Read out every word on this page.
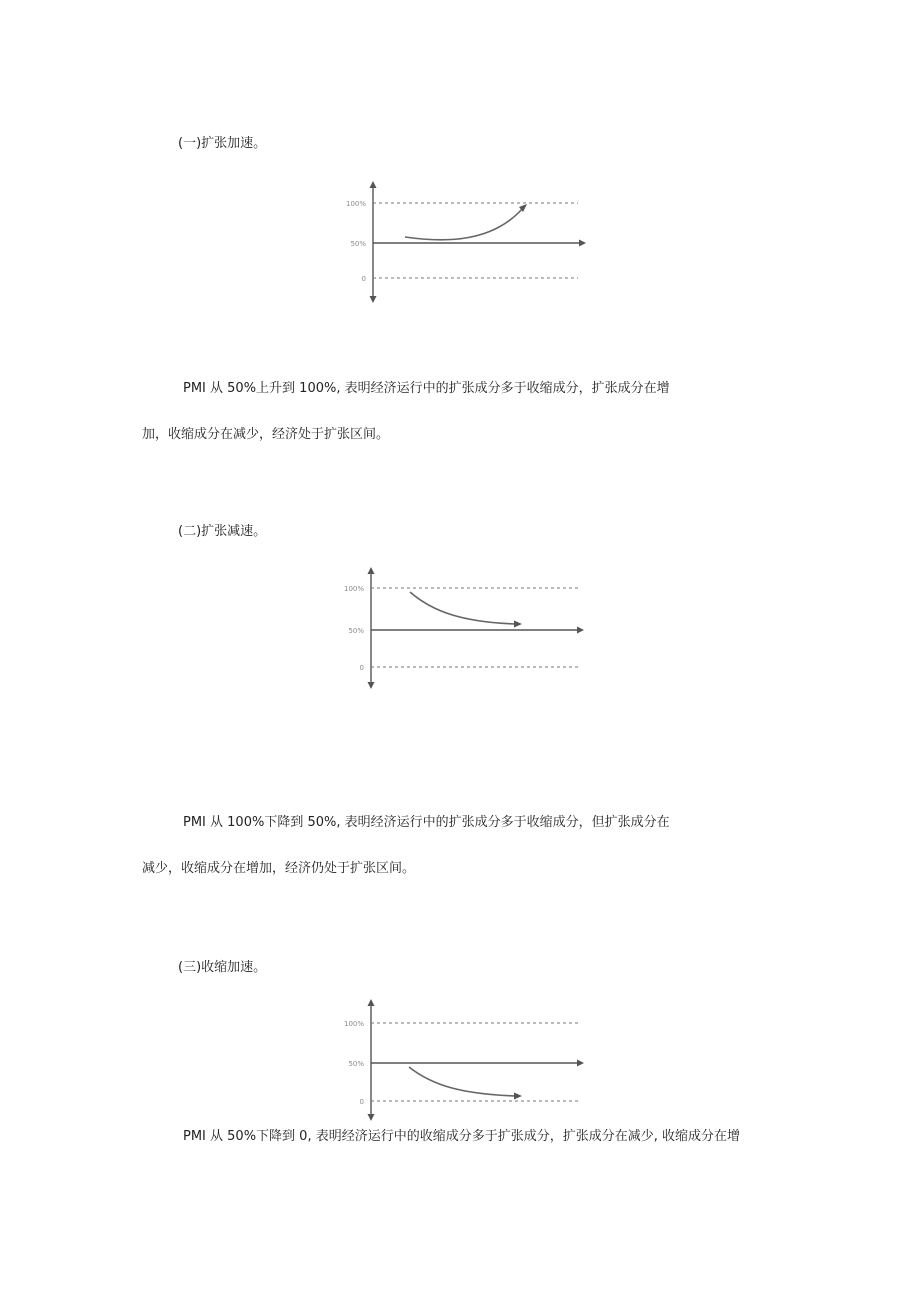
(一)扩张加速。
100%
50%
0
PMI 从 50%上升到 100%, 表明经济运行中的扩张成分多于收缩成分，扩张成分在增
加，收缩成分在减少，经济处于扩张区间。
(二)扩张减速。
100%
50%
0
PMI 从 100%下降到 50%, 表明经济运行中的扩张成分多于收缩成分，但扩张成分在
减少，收缩成分在增加，经济仍处于扩张区间。
(三)收缩加速。
100%
50%
0
PMI 从 50%下降到 0, 表明经济运行中的收缩成分多于扩张成分，扩张成分在减少, 收缩成分在增
